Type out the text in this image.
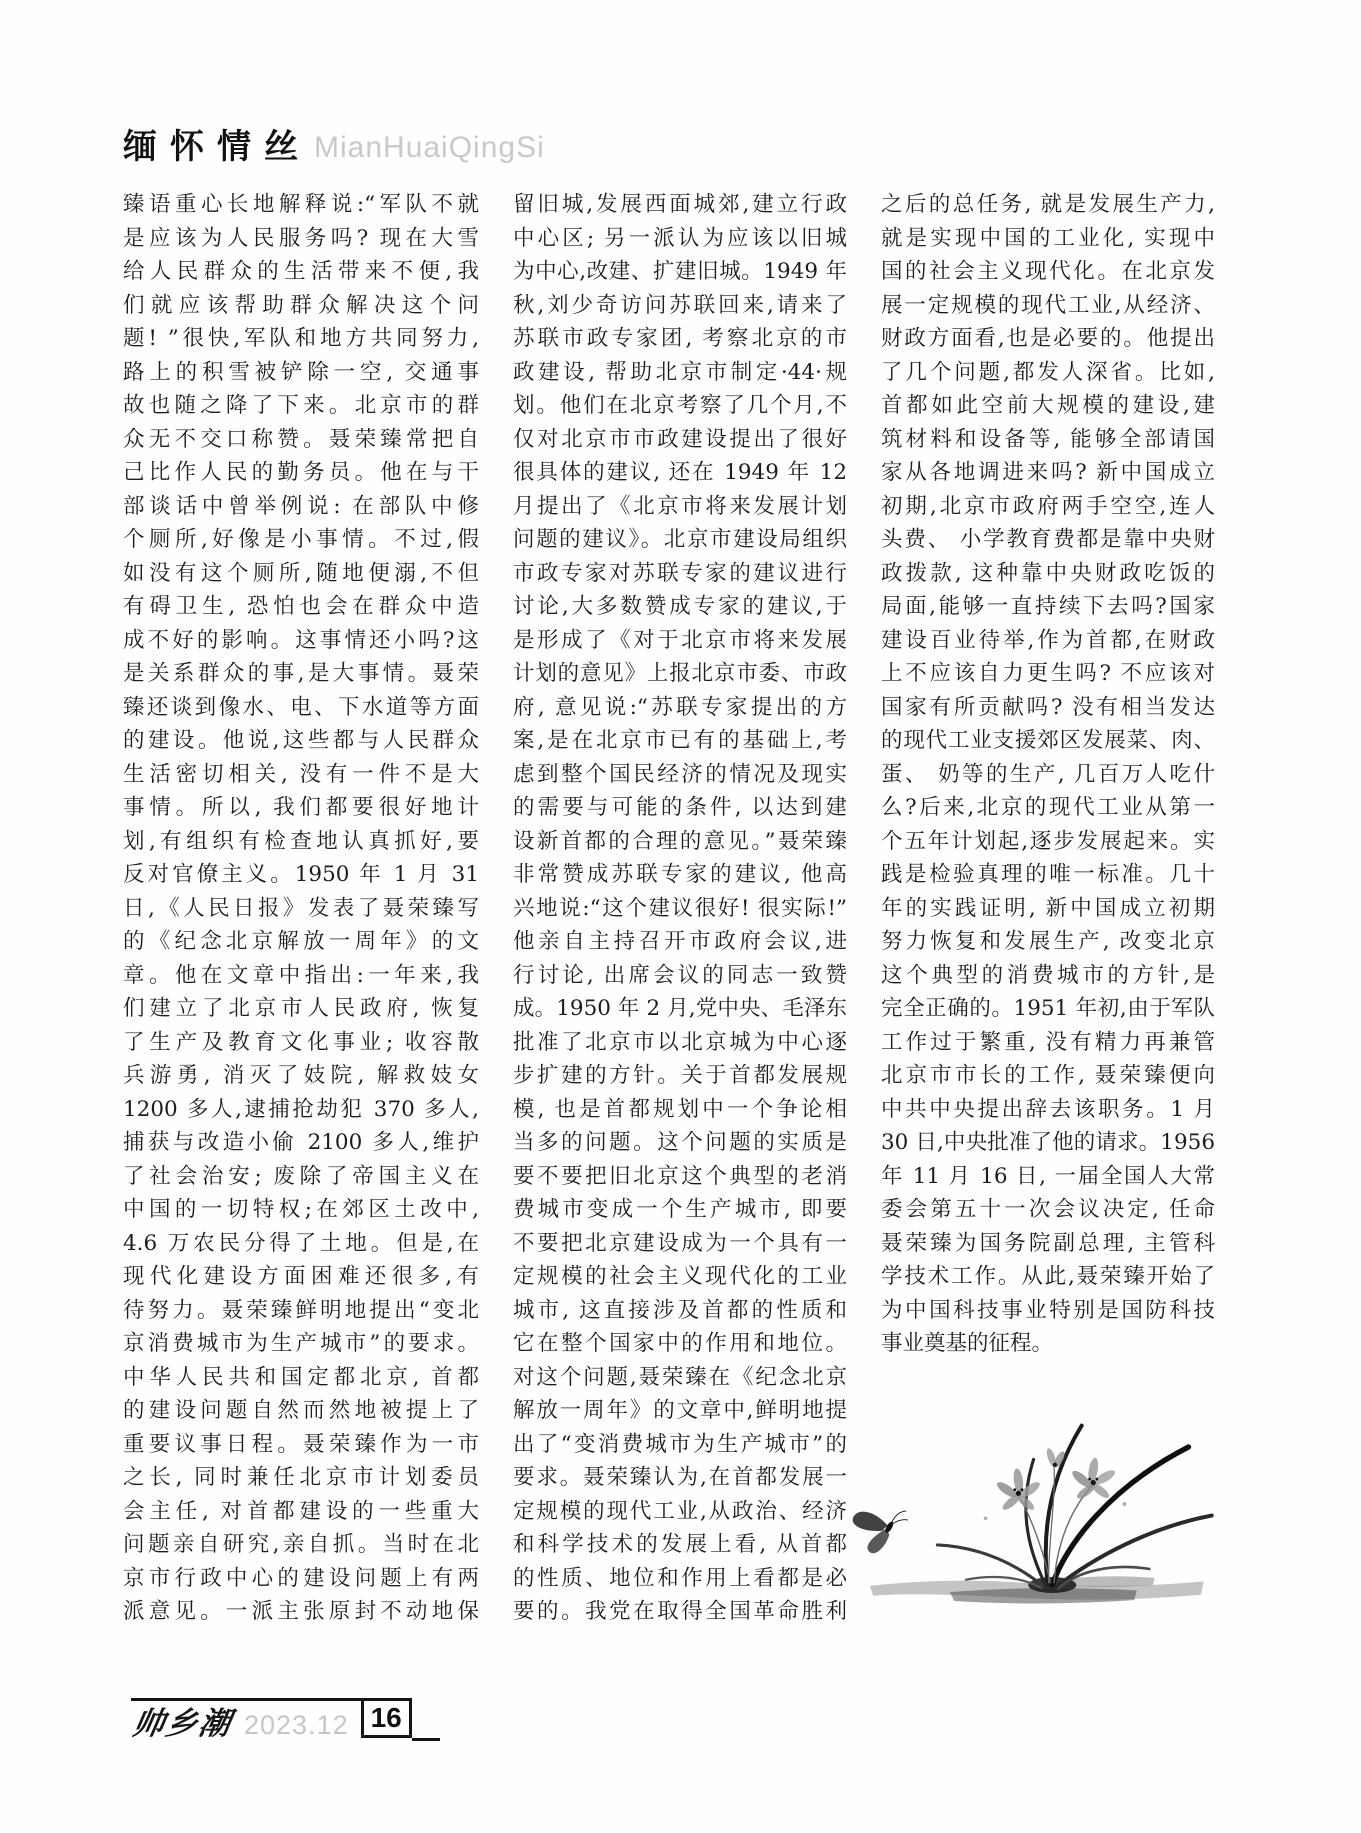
缅 怀 情 丝 MianHuaiQingSi
臻语重心长地解释说:“军队不就
是应该为人民服务吗? 现在大雪
给人民群众的生活带来不便,我
们就应该帮助群众解决这个问
题! ”很快,军队和地方共同努力,
路上的积雪被铲除一空, 交通事
故也随之降了下来。北京市的群
众无不交口称赞。聂荣臻常把自
己比作人民的勤务员。他在与干
部谈话中曾举例说: 在部队中修
个厕所,好像是小事情。不过,假
如没有这个厕所,随地便溺,不但
有碍卫生, 恐怕也会在群众中造
成不好的影响。这事情还小吗?这
是关系群众的事,是大事情。聂荣
臻还谈到像水、电、下水道等方面
的建设。他说,这些都与人民群众
生活密切相关, 没有一件不是大
事情。所以, 我们都要很好地计
划,有组织有检查地认真抓好,要
反对官僚主义。1950 年 1 月 31
日,《人民日报》发表了聂荣臻写
的《纪念北京解放一周年》的文
章。他在文章中指出:一年来,我
们建立了北京市人民政府, 恢复
了生产及教育文化事业; 收容散
兵游勇, 消灭了妓院, 解救妓女
1200 多人,逮捕抢劫犯 370 多人,
捕获与改造小偷 2100 多人,维护
了社会治安; 废除了帝国主义在
中国的一切特权;在郊区土改中,
4.6 万农民分得了土地。但是,在
现代化建设方面困难还很多,有
待努力。聂荣臻鲜明地提出“变北
京消费城市为生产城市”的要求。
中华人民共和国定都北京, 首都
的建设问题自然而然地被提上了
重要议事日程。聂荣臻作为一市
之长, 同时兼任北京市计划委员
会主任, 对首都建设的一些重大
问题亲自研究,亲自抓。当时在北
京市行政中心的建设问题上有两
派意见。一派主张原封不动地保
留旧城,发展西面城郊,建立行政
中心区; 另一派认为应该以旧城
为中心,改建、扩建旧城。1949 年
秋,刘少奇访问苏联回来,请来了
苏联市政专家团, 考察北京的市
政建设, 帮助北京市制定·44·规
划。他们在北京考察了几个月,不
仅对北京市市政建设提出了很好
很具体的建议, 还在 1949 年 12
月提出了《北京市将来发展计划
问题的建议》。北京市建设局组织
市政专家对苏联专家的建议进行
讨论,大多数赞成专家的建议,于
是形成了《对于北京市将来发展
计划的意见》上报北京市委、市政
府, 意见说:“苏联专家提出的方
案,是在北京市已有的基础上,考
虑到整个国民经济的情况及现实
的需要与可能的条件, 以达到建
设新首都的合理的意见。”聂荣臻
非常赞成苏联专家的建议, 他高
兴地说:“这个建议很好! 很实际!”
他亲自主持召开市政府会议,进
行讨论, 出席会议的同志一致赞
成。1950 年 2 月,党中央、毛泽东
批准了北京市以北京城为中心逐
步扩建的方针。关于首都发展规
模, 也是首都规划中一个争论相
当多的问题。这个问题的实质是
要不要把旧北京这个典型的老消
费城市变成一个生产城市, 即要
不要把北京建设成为一个具有一
定规模的社会主义现代化的工业
城市, 这直接涉及首都的性质和
它在整个国家中的作用和地位。
对这个问题,聂荣臻在《纪念北京
解放一周年》的文章中,鲜明地提
出了“变消费城市为生产城市”的
要求。聂荣臻认为,在首都发展一
定规模的现代工业,从政治、经济
和科学技术的发展上看, 从首都
的性质、地位和作用上看都是必
要的。我党在取得全国革命胜利
之后的总任务, 就是发展生产力,
就是实现中国的工业化, 实现中
国的社会主义现代化。在北京发
展一定规模的现代工业,从经济、
财政方面看,也是必要的。他提出
了几个问题,都发人深省。比如,
首都如此空前大规模的建设,建
筑材料和设备等, 能够全部请国
家从各地调进来吗? 新中国成立
初期,北京市政府两手空空,连人
头费、 小学教育费都是靠中央财
政拨款, 这种靠中央财政吃饭的
局面,能够一直持续下去吗?国家
建设百业待举,作为首都,在财政
上不应该自力更生吗? 不应该对
国家有所贡献吗? 没有相当发达
的现代工业支援郊区发展菜、肉、
蛋、 奶等的生产, 几百万人吃什
么?后来,北京的现代工业从第一
个五年计划起,逐步发展起来。实
践是检验真理的唯一标准。几十
年的实践证明, 新中国成立初期
努力恢复和发展生产, 改变北京
这个典型的消费城市的方针,是
完全正确的。1951 年初,由于军队
工作过于繁重, 没有精力再兼管
北京市市长的工作, 聂荣臻便向
中共中央提出辞去该职务。1 月
30 日,中央批准了他的请求。1956
年 11 月 16 日, 一届全国人大常
委会第五十一次会议决定, 任命
聂荣臻为国务院副总理, 主管科
学技术工作。从此,聂荣臻开始了
为中国科技事业特别是国防科技
事业奠基的征程。
帅乡潮 2023.12 16
